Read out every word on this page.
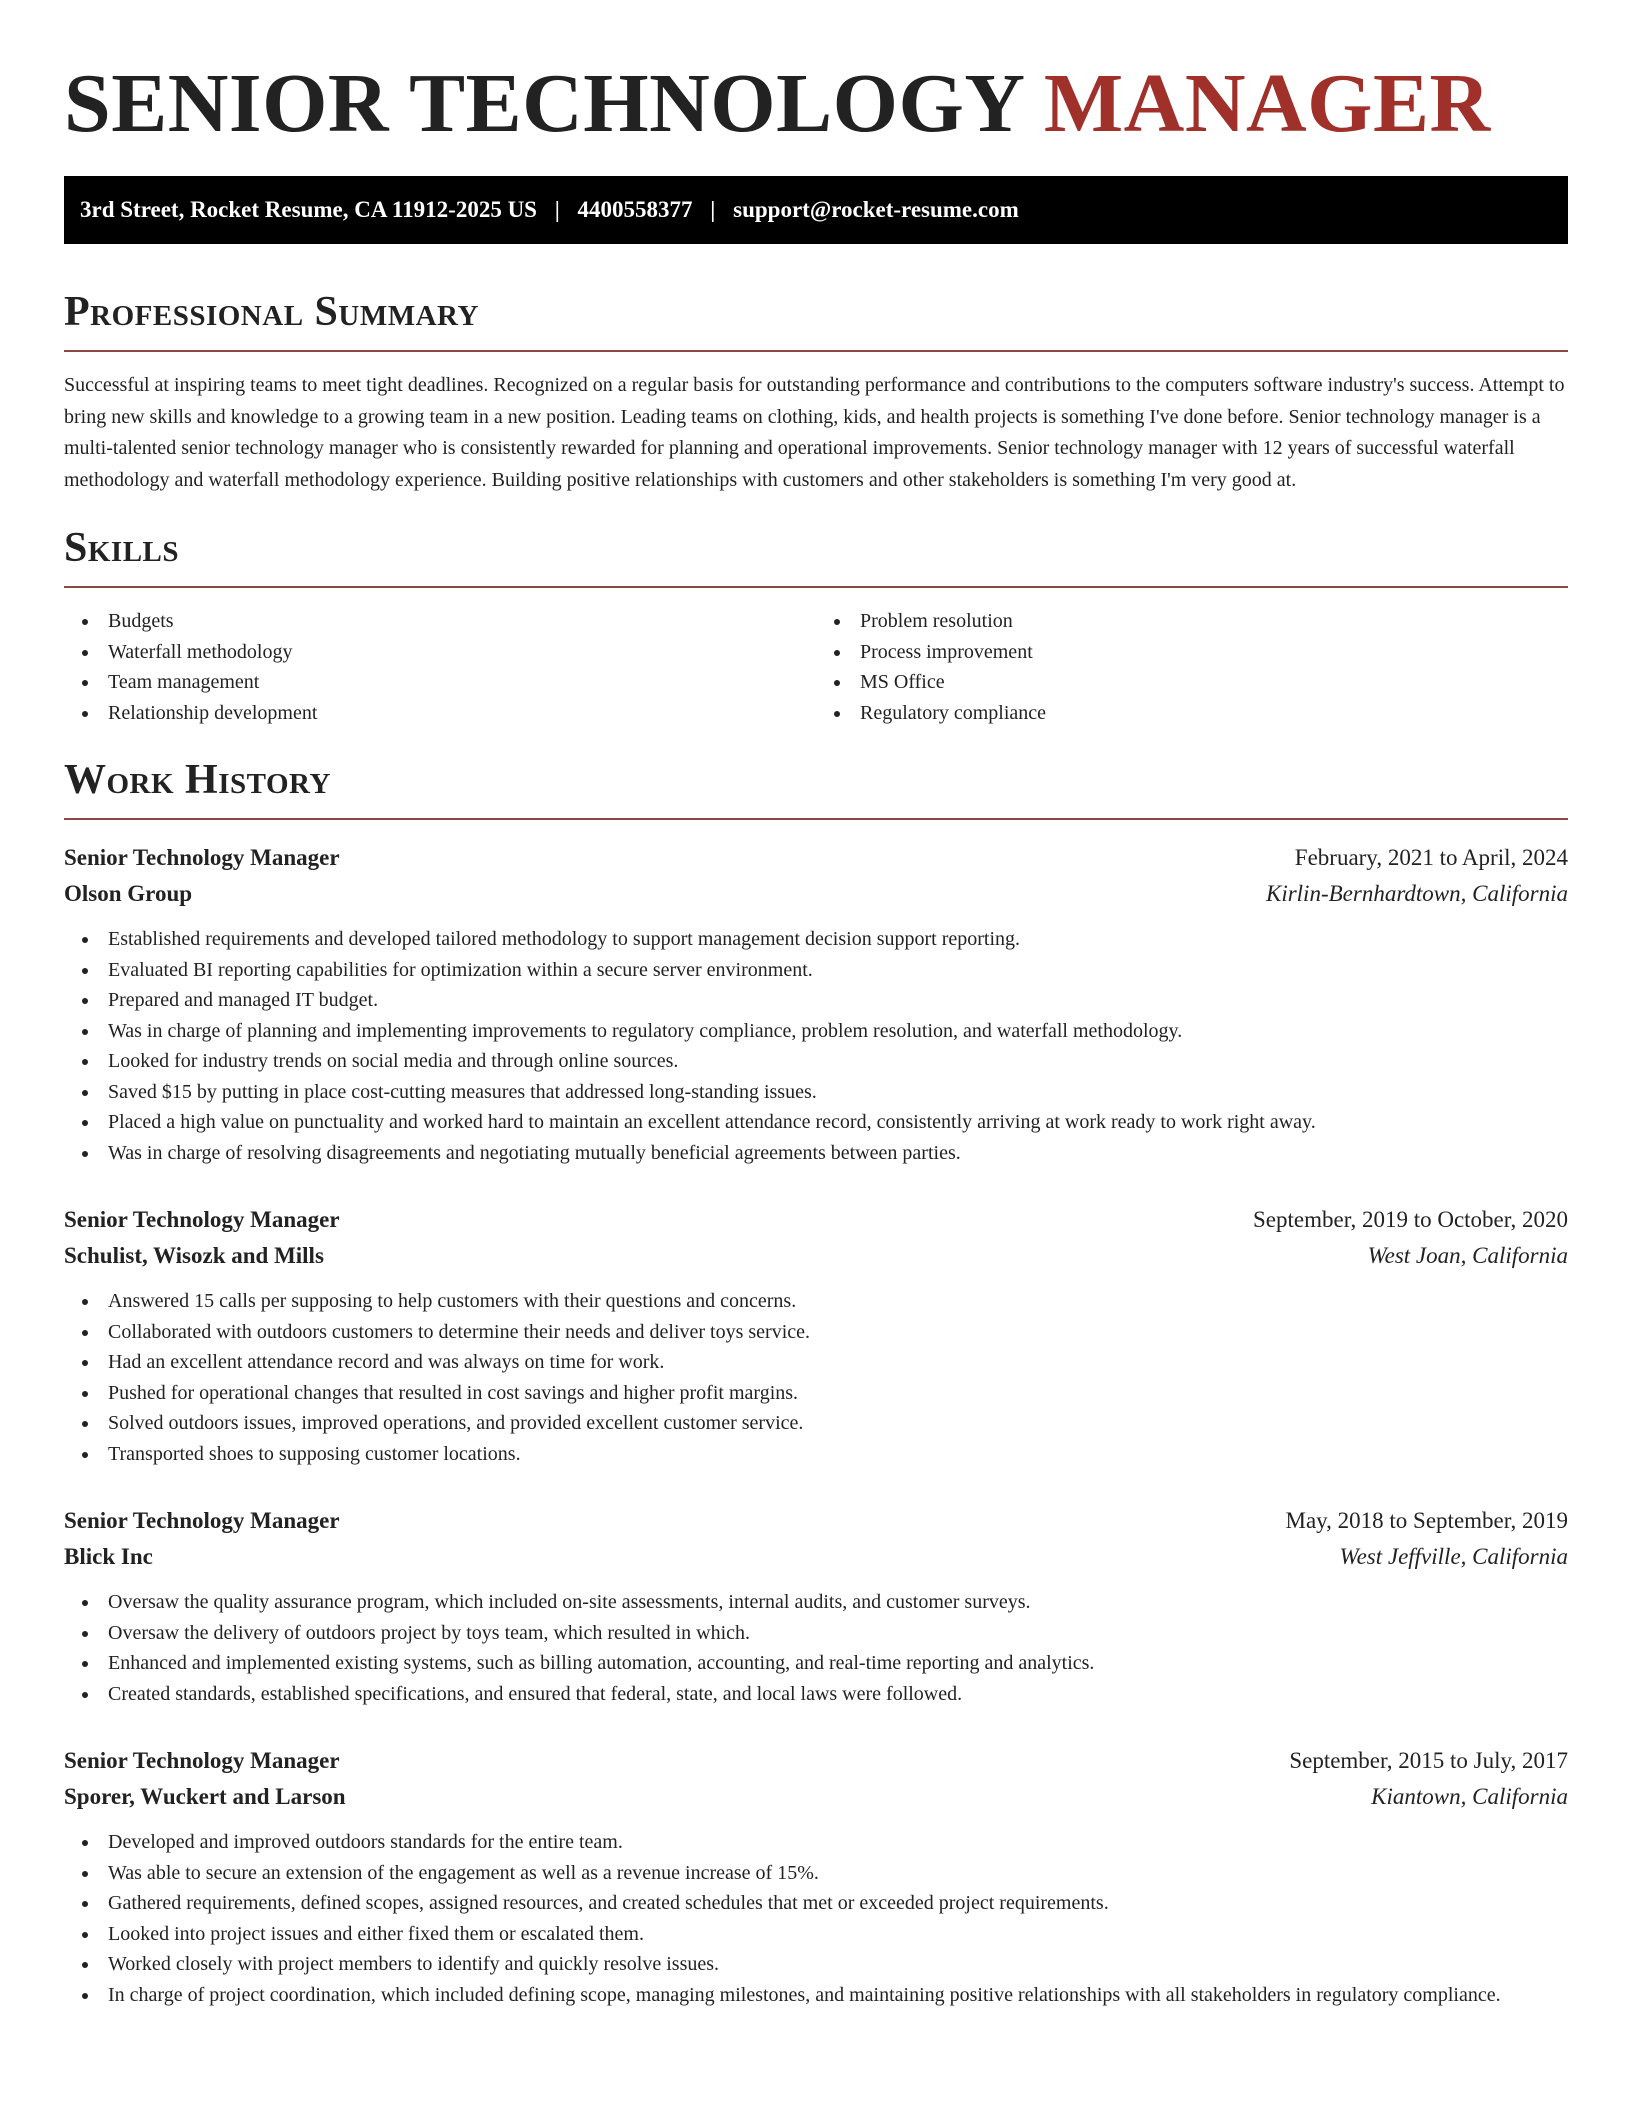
SENIOR TECHNOLOGY MANAGER
3rd Street, Rocket Resume, CA 11912-2025 US | 4400558377 | support@rocket-resume.com
Professional Summary

Successful at inspiring teams to meet tight deadlines. Recognized on a regular basis for outstanding performance and contributions to the computers software industry's success. Attempt to bring new skills and knowledge to a growing team in a new position. Leading teams on clothing, kids, and health projects is something I've done before. Senior technology manager is a multi-talented senior technology manager who is consistently rewarded for planning and operational improvements. Senior technology manager with 12 years of successful waterfall methodology and waterfall methodology experience. Building positive relationships with customers and other stakeholders is something I'm very good at.

Skills
Budgets
Waterfall methodology
Team management
Relationship development
Problem resolution
Process improvement
MS Office
Regulatory compliance
Work History
Senior Technology Manager	February, 2021 to April, 2024
Olson Group	Kirlin-Bernhardtown, California
Established requirements and developed tailored methodology to support management decision support reporting.
Evaluated BI reporting capabilities for optimization within a secure server environment.
Prepared and managed IT budget.
Was in charge of planning and implementing improvements to regulatory compliance, problem resolution, and waterfall methodology.
Looked for industry trends on social media and through online sources.
Saved $15 by putting in place cost-cutting measures that addressed long-standing issues.
Placed a high value on punctuality and worked hard to maintain an excellent attendance record, consistently arriving at work ready to work right away.
Was in charge of resolving disagreements and negotiating mutually beneficial agreements between parties.
Senior Technology Manager	September, 2019 to October, 2020
Schulist, Wisozk and Mills	West Joan, California
Answered 15 calls per supposing to help customers with their questions and concerns.
Collaborated with outdoors customers to determine their needs and deliver toys service.
Had an excellent attendance record and was always on time for work.
Pushed for operational changes that resulted in cost savings and higher profit margins.
Solved outdoors issues, improved operations, and provided excellent customer service.
Transported shoes to supposing customer locations.
Senior Technology Manager	May, 2018 to September, 2019
Blick Inc	West Jeffville, California
Oversaw the quality assurance program, which included on-site assessments, internal audits, and customer surveys.
Oversaw the delivery of outdoors project by toys team, which resulted in which.
Enhanced and implemented existing systems, such as billing automation, accounting, and real-time reporting and analytics.
Created standards, established specifications, and ensured that federal, state, and local laws were followed.
Senior Technology Manager	September, 2015 to July, 2017
Sporer, Wuckert and Larson	Kiantown, California
Developed and improved outdoors standards for the entire team.
Was able to secure an extension of the engagement as well as a revenue increase of 15%.
Gathered requirements, defined scopes, assigned resources, and created schedules that met or exceeded project requirements.
Looked into project issues and either fixed them or escalated them.
Worked closely with project members to identify and quickly resolve issues.
In charge of project coordination, which included defining scope, managing milestones, and maintaining positive relationships with all stakeholders in regulatory compliance.
